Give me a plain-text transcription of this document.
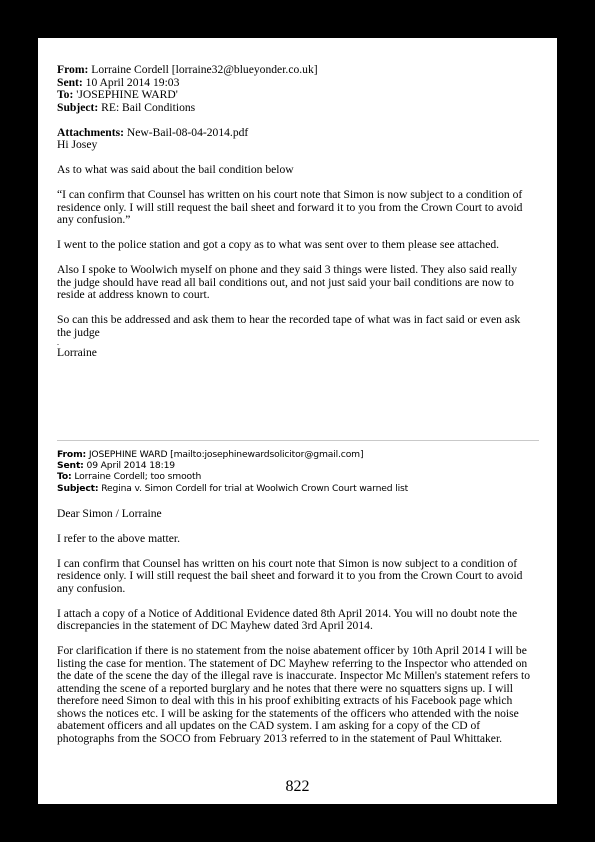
From: Lorraine Cordell [lorraine32@blueyonder.co.uk]
Sent: 10 April 2014 19:03
To: 'JOSEPHINE WARD'
Subject: RE: Bail Conditions
Attachments: New-Bail-08-04-2014.pdf
Hi Josey
As to what was said about the bail condition below
“I can confirm that Counsel has written on his court note that Simon is now subject to a condition of
residence only. I will still request the bail sheet and forward it to you from the Crown Court to avoid
any confusion.”
I went to the police station and got a copy as to what was sent over to them please see attached.
Also I spoke to Woolwich myself on phone and they said 3 things were listed. They also said really
the judge should have read all bail conditions out, and not just said your bail conditions are now to
reside at address known to court.
So can this be addressed and ask them to hear the recorded tape of what was in fact said or even ask
the judge
.
Lorraine
From: JOSEPHINE WARD [mailto:josephinewardsolicitor@gmail.com]
Sent: 09 April 2014 18:19
To: Lorraine Cordell; too smooth
Subject: Regina v. Simon Cordell for trial at Woolwich Crown Court warned list
Dear Simon / Lorraine
I refer to the above matter.
I can confirm that Counsel has written on his court note that Simon is now subject to a condition of
residence only. I will still request the bail sheet and forward it to you from the Crown Court to avoid
any confusion.
I attach a copy of a Notice of Additional Evidence dated 8th April 2014. You will no doubt note the
discrepancies in the statement of DC Mayhew dated 3rd April 2014.
For clarification if there is no statement from the noise abatement officer by 10th April 2014 I will be
listing the case for mention. The statement of DC Mayhew referring to the Inspector who attended on
the date of the scene the day of the illegal rave is inaccurate. Inspector Mc Millen's statement refers to
attending the scene of a reported burglary and he notes that there were no squatters signs up. I will
therefore need Simon to deal with this in his proof exhibiting extracts of his Facebook page which
shows the notices etc. I will be asking for the statements of the officers who attended with the noise
abatement officers and all updates on the CAD system. I am asking for a copy of the CD of
photographs from the SOCO from February 2013 referred to in the statement of Paul Whittaker.
822
